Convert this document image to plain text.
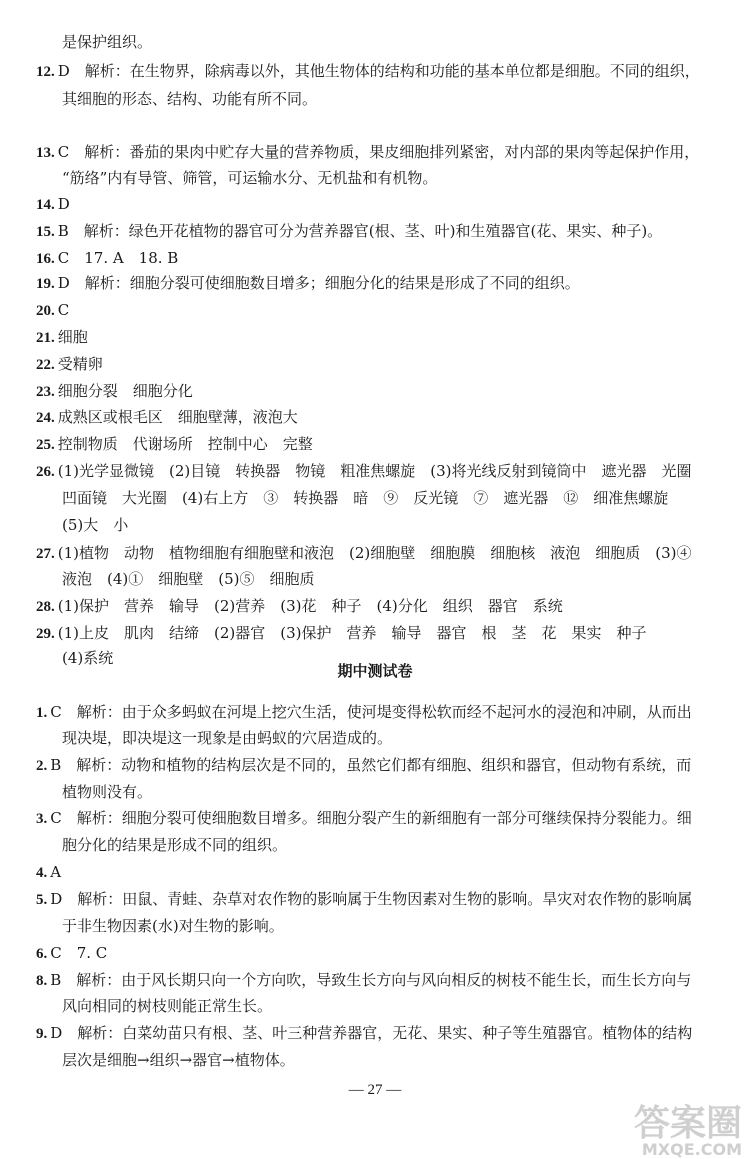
是保护组织。
12.  D　解析：在生物界，除病毒以外，其他生物体的结构和功能的基本单位都是细胞。不同的组织，
其细胞的形态、结构、功能有所不同。
13.  C　解析：番茄的果肉中贮存大量的营养物质，果皮细胞排列紧密，对内部的果肉等起保护作用，
“筋络”内有导管、筛管，可运输水分、无机盐和有机物。
14.  D
15.  B　解析：绿色开花植物的器官可分为营养器官(根、茎、叶)和生殖器官(花、果实、种子)。
16.  C　17. A　18. B
19.  D　解析：细胞分裂可使细胞数目增多；细胞分化的结果是形成了不同的组织。
20.  C
21.  细胞
22.  受精卵
23.  细胞分裂　细胞分化
24.  成熟区或根毛区　细胞壁薄，液泡大
25.  控制物质　代谢场所　控制中心　完整
26.  (1)光学显微镜　(2)目镜　转换器　物镜　粗准焦螺旋　(3)将光线反射到镜筒中　遮光器　光圈
凹面镜　大光圈　(4)右上方　③　转换器　暗　⑨　反光镜　⑦　遮光器　⑫　细准焦螺旋
(5)大　小
27.  (1)植物　动物　植物细胞有细胞壁和液泡　(2)细胞壁　细胞膜　细胞核　液泡　细胞质　(3)④
液泡　(4)①　细胞壁　(5)⑤　细胞质
28.  (1)保护　营养　输导　(2)营养　(3)花　种子　(4)分化　组织　器官　系统
29.  (1)上皮　肌肉　结缔　(2)器官　(3)保护　营养　输导　器官　根　茎　花　果实　种子
(4)系统
期中测试卷
1.  C　解析：由于众多蚂蚁在河堤上挖穴生活，使河堤变得松软而经不起河水的浸泡和冲刷，从而出
现决堤，即决堤这一现象是由蚂蚁的穴居造成的。
2.  B　解析：动物和植物的结构层次是不同的，虽然它们都有细胞、组织和器官，但动物有系统，而
植物则没有。
3.  C　解析：细胞分裂可使细胞数目增多。细胞分裂产生的新细胞有一部分可继续保持分裂能力。细
胞分化的结果是形成不同的组织。
4.  A
5.  D　解析：田鼠、青蛙、杂草对农作物的影响属于生物因素对生物的影响。旱灾对农作物的影响属
于非生物因素(水)对生物的影响。
6.  C　7. C
8.  B　解析：由于风长期只向一个方向吹，导致生长方向与风向相反的树枝不能生长，而生长方向与
风向相同的树枝则能正常生长。
9.  D　解析：白菜幼苗只有根、茎、叶三种营养器官，无花、果实、种子等生殖器官。植物体的结构
层次是细胞→组织→器官→植物体。
— 27 —
答案圈
MXQE.COM
